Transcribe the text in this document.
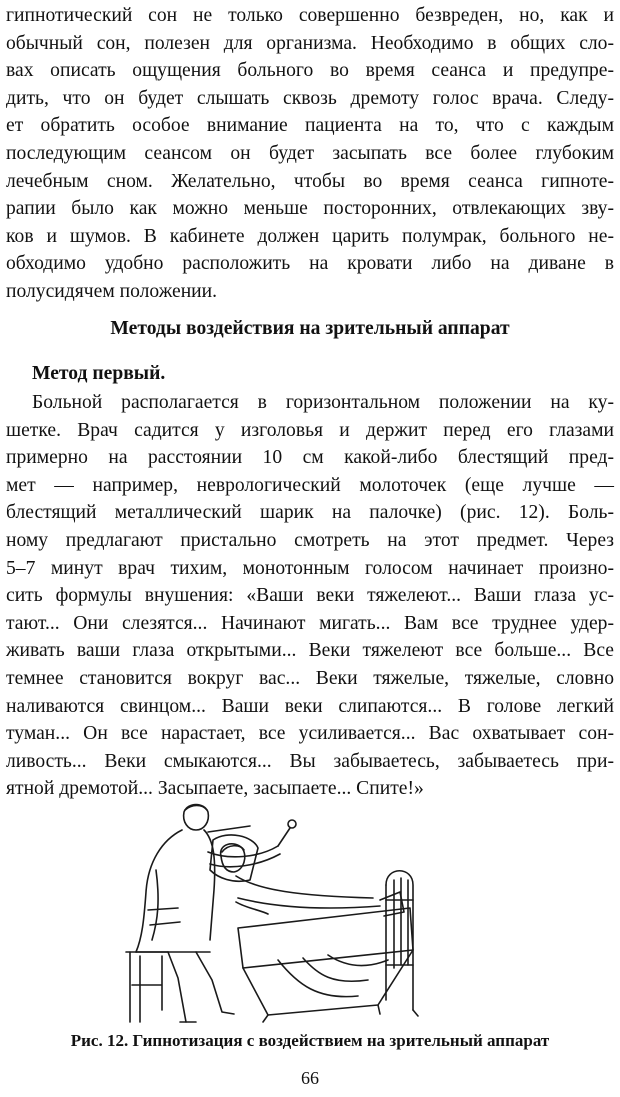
гипнотический сон не только совершенно безвреден, но, как и
обычный сон, полезен для организма. Необходимо в общих сло-
вах описать ощущения больного во время сеанса и предупре-
дить, что он будет слышать сквозь дремоту голос врача. Следу-
ет обратить особое внимание пациента на то, что с каждым
последующим сеансом он будет засыпать все более глубоким
лечебным сном. Желательно, чтобы во время сеанса гипноте-
рапии было как можно меньше посторонних, отвлекающих зву-
ков и шумов. В кабинете должен царить полумрак, больного не-
обходимо удобно расположить на кровати либо на диване в
полусидячем положении.
Методы воздействия на зрительный аппарат
Метод первый.
Больной располагается в горизонтальном положении на ку-
шетке. Врач садится у изголовья и держит перед его глазами
примерно на расстоянии 10 см какой-либо блестящий пред-
мет — например, неврологический молоточек (еще лучше —
блестящий металлический шарик на палочке) (рис. 12). Боль-
ному предлагают пристально смотреть на этот предмет. Через
5–7 минут врач тихим, монотонным голосом начинает произно-
сить формулы внушения: «Ваши веки тяжелеют... Ваши глаза ус-
тают... Они слезятся... Начинают мигать... Вам все труднее удер-
живать ваши глаза открытыми... Веки тяжелеют все больше... Все
темнее становится вокруг вас... Веки тяжелые, тяжелые, словно
наливаются свинцом... Ваши веки слипаются... В голове легкий
туман... Он все нарастает, все усиливается... Вас охватывает сон-
ливость... Веки смыкаются... Вы забываетесь, забываетесь при-
ятной дремотой... Засыпаете, засыпаете... Спите!»

Рис. 12. Гипнотизация с воздействием на зрительный аппарат

66
